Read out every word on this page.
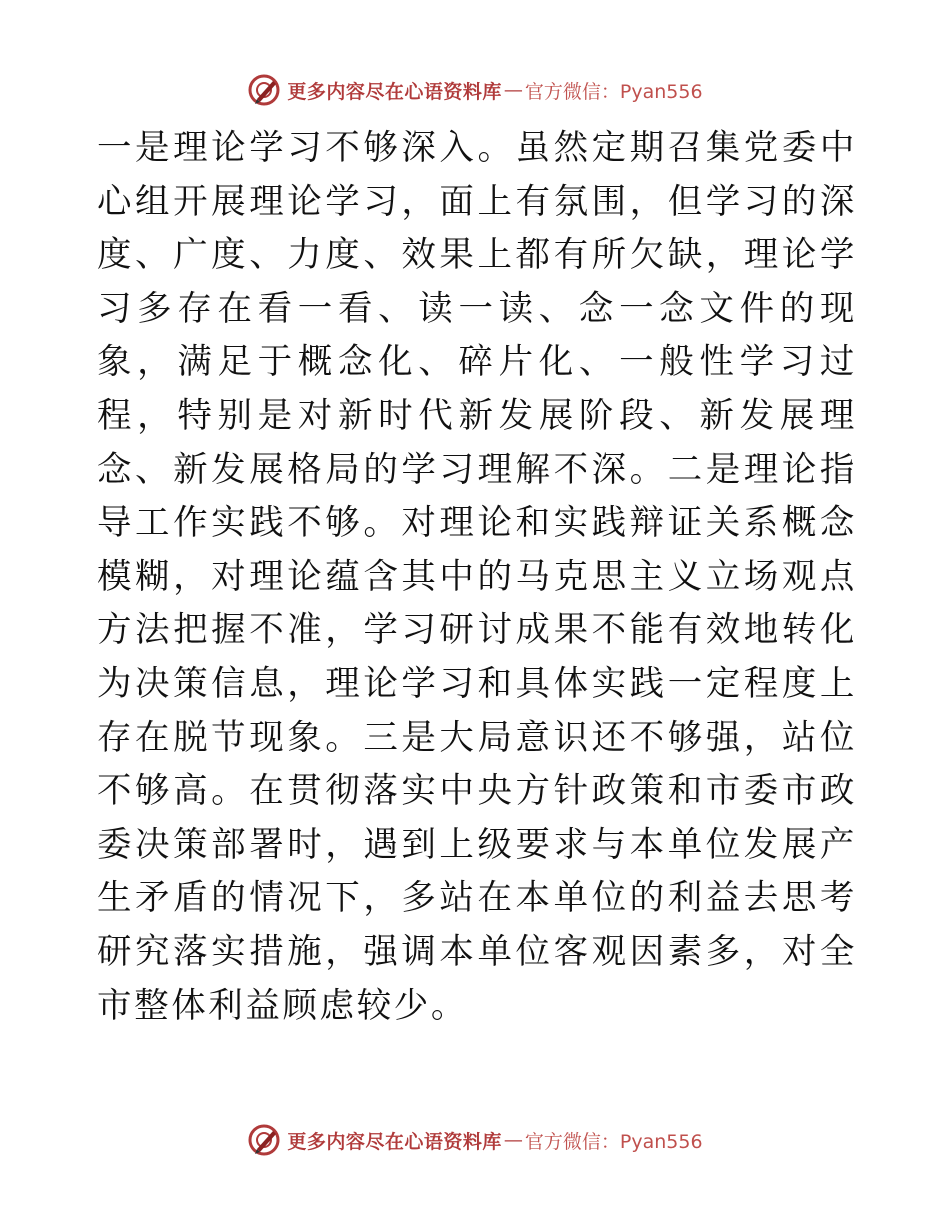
更多内容尽在心语资料库 — 官方微信：Pyan556

一是理论学习不够深入。虽然定期召集党委中心组开展理论学习，面上有氛围，但学习的深度、广度、力度、效果上都有所欠缺，理论学习多存在看一看、读一读、念一念文件的现象，满足于概念化、碎片化、一般性学习过程，特别是对新时代新发展阶段、新发展理念、新发展格局的学习理解不深。二是理论指导工作实践不够。对理论和实践辩证关系概念模糊，对理论蕴含其中的马克思主义立场观点方法把握不准，学习研讨成果不能有效地转化为决策信息，理论学习和具体实践一定程度上存在脱节现象。三是大局意识还不够强，站位不够高。在贯彻落实中央方针政策和市委市政委决策部署时，遇到上级要求与本单位发展产生矛盾的情况下，多站在本单位的利益去思考研究落实措施，强调本单位客观因素多，对全市整体利益顾虑较少。

更多内容尽在心语资料库 — 官方微信：Pyan556
